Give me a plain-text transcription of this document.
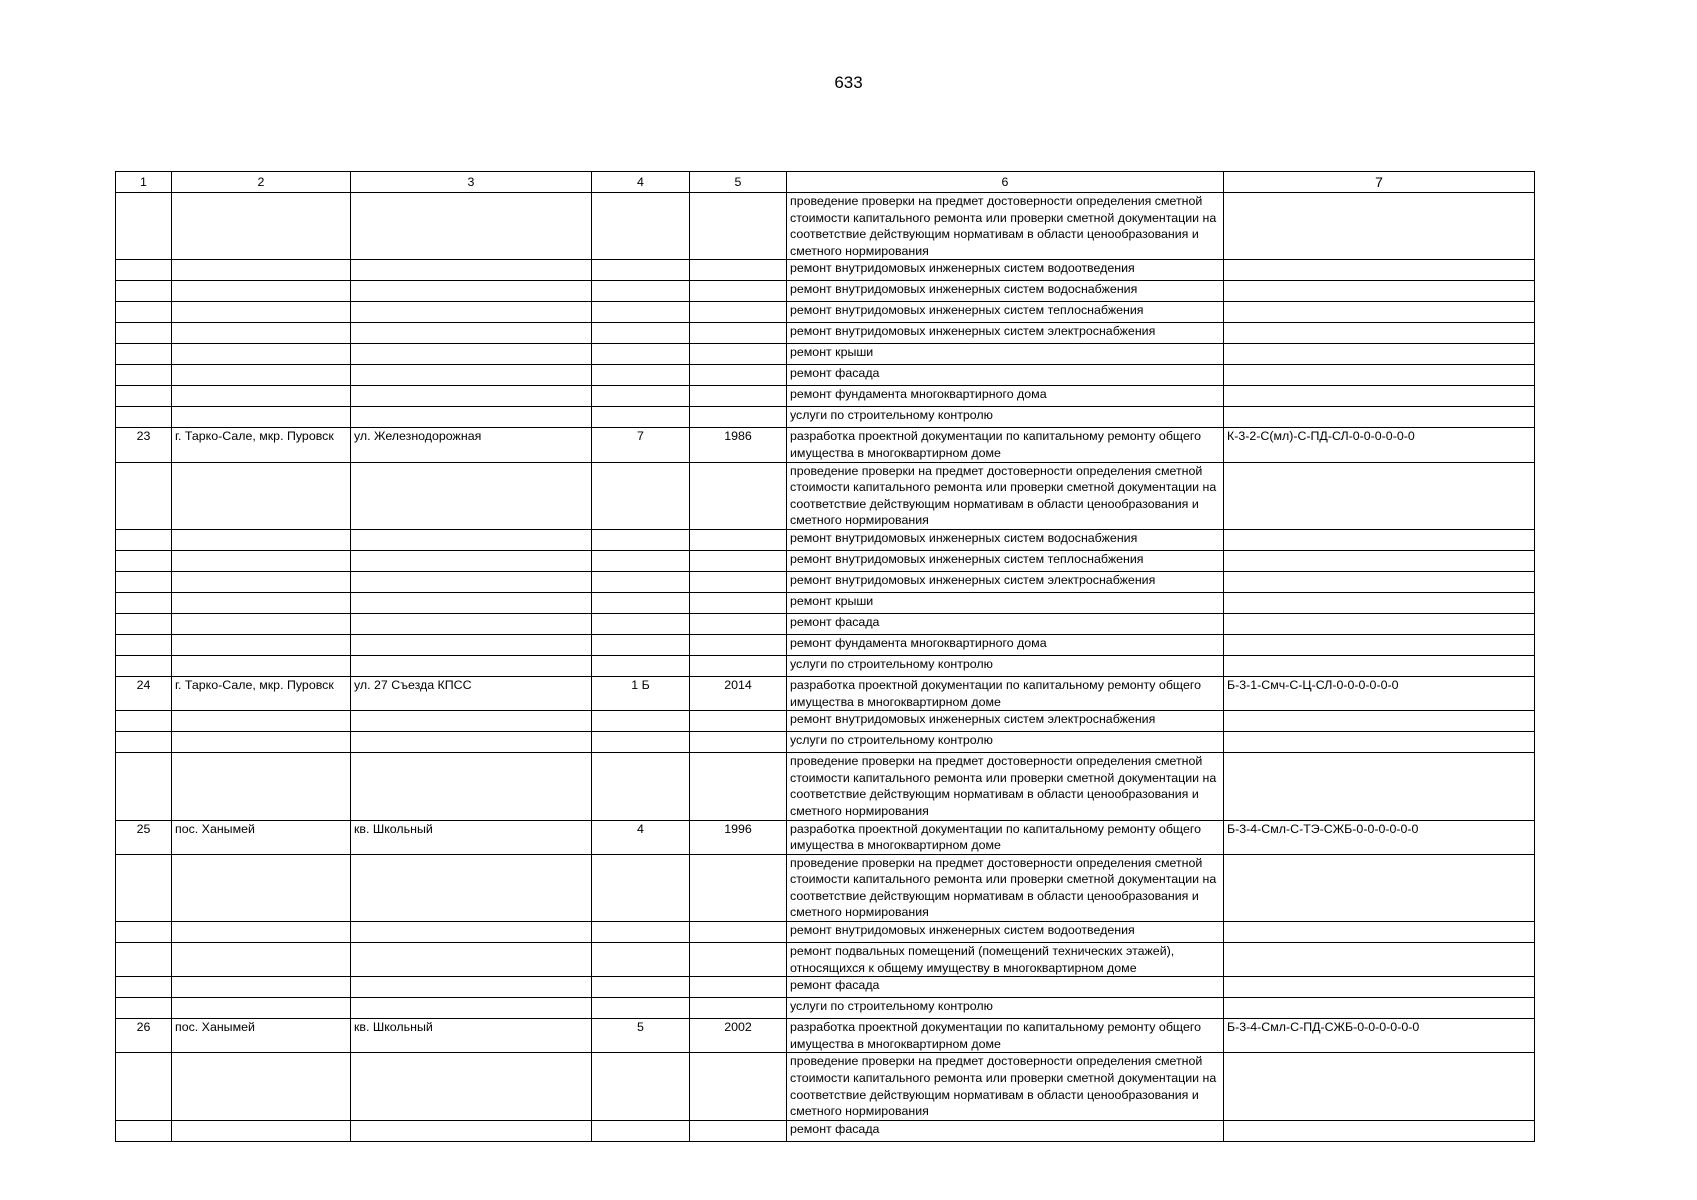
633
1	2	3	4	5	6	7
					проведение проверки на предмет достоверности определения сметной стоимости капитального ремонта или проверки сметной документации на соответствие действующим нормативам в области ценообразования и сметного нормирования	
					ремонт внутридомовых инженерных систем водоотведения	
					ремонт внутридомовых инженерных систем водоснабжения	
					ремонт внутридомовых инженерных систем теплоснабжения	
					ремонт внутридомовых инженерных систем электроснабжения	
					ремонт крыши	
					ремонт фасада	
					ремонт фундамента многоквартирного дома	
					услуги по строительному контролю	
23	г. Тарко-Сале, мкр. Пуровск	ул. Железнодорожная	7	1986	разработка проектной документации по капитальному ремонту общего имущества в многоквартирном доме	К-3-2-С(мл)-С-ПД-СЛ-0-0-0-0-0-0
					проведение проверки на предмет достоверности определения сметной стоимости капитального ремонта или проверки сметной документации на соответствие действующим нормативам в области ценообразования и сметного нормирования	
					ремонт внутридомовых инженерных систем водоснабжения	
					ремонт внутридомовых инженерных систем теплоснабжения	
					ремонт внутридомовых инженерных систем электроснабжения	
					ремонт крыши	
					ремонт фасада	
					ремонт фундамента многоквартирного дома	
					услуги по строительному контролю	
24	г. Тарко-Сале, мкр. Пуровск	ул. 27 Съезда КПСС	1 Б	2014	разработка проектной документации по капитальному ремонту общего имущества в многоквартирном доме	Б-3-1-Смч-С-Ц-СЛ-0-0-0-0-0-0
					ремонт внутридомовых инженерных систем электроснабжения	
					услуги по строительному контролю	
					проведение проверки на предмет достоверности определения сметной стоимости капитального ремонта или проверки сметной документации на соответствие действующим нормативам в области ценообразования и сметного нормирования	
25	пос. Ханымей	кв. Школьный	4	1996	разработка проектной документации по капитальному ремонту общего имущества в многоквартирном доме	Б-3-4-Смл-С-ТЭ-СЖБ-0-0-0-0-0-0
					проведение проверки на предмет достоверности определения сметной стоимости капитального ремонта или проверки сметной документации на соответствие действующим нормативам в области ценообразования и сметного нормирования	
					ремонт внутридомовых инженерных систем водоотведения	
					ремонт подвальных помещений (помещений технических этажей), относящихся к общему имуществу в многоквартирном доме	
					ремонт фасада	
					услуги по строительному контролю	
26	пос. Ханымей	кв. Школьный	5	2002	разработка проектной документации по капитальному ремонту общего имущества в многоквартирном доме	Б-3-4-Смл-С-ПД-СЖБ-0-0-0-0-0-0
					проведение проверки на предмет достоверности определения сметной стоимости капитального ремонта или проверки сметной документации на соответствие действующим нормативам в области ценообразования и сметного нормирования	
					ремонт фасада	
